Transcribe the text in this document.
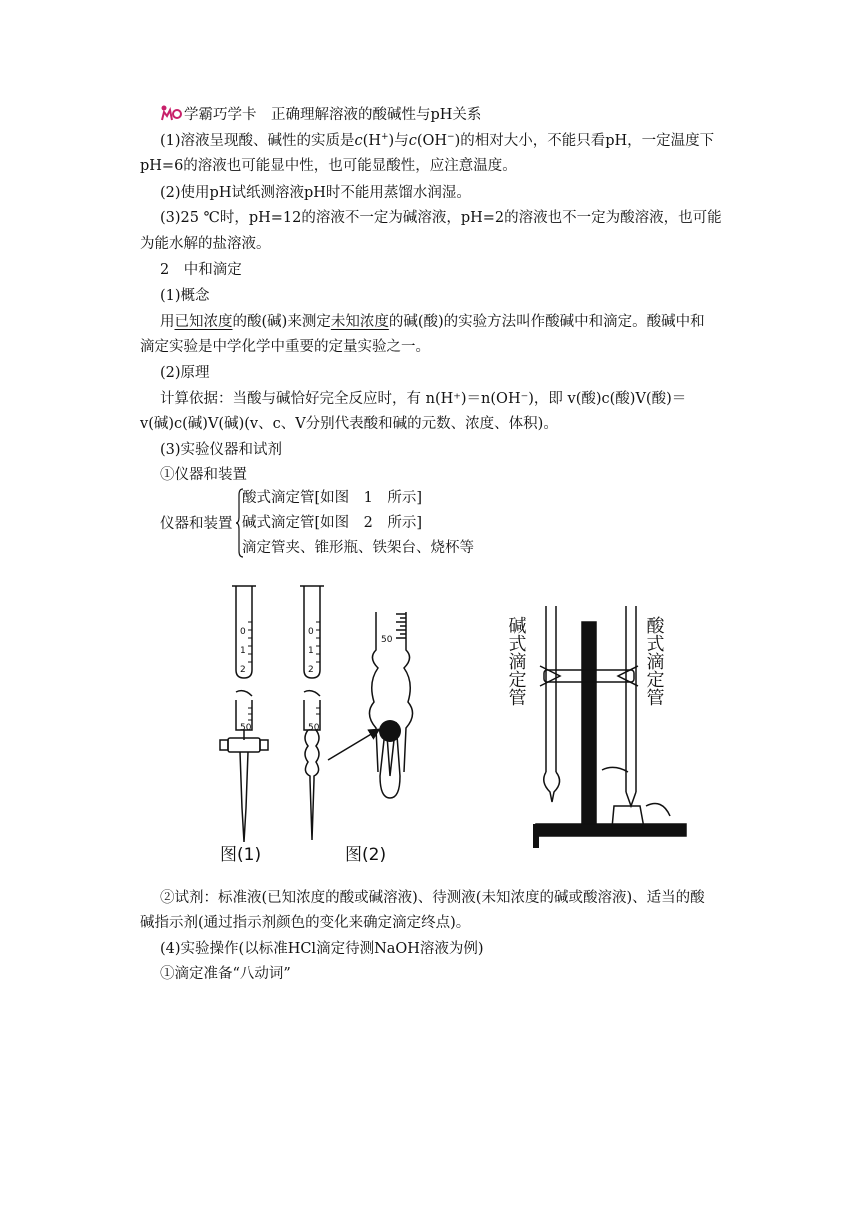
学霸巧学卡　 正确理解溶液的酸碱性与pH关系
(1)溶液呈现酸、碱性的实质是c(H+)与c(OH−)的相对大小，不能只看pH，一定温度下
pH=6的溶液也可能显中性，也可能显酸性，应注意温度。
(2)使用pH试纸测溶液pH时不能用蒸馏水润湿。
(3)25 ℃时，pH=12的溶液不一定为碱溶液，pH=2的溶液也不一定为酸溶液，也可能
为能水解的盐溶液。
2　中和滴定
(1)概念
用已知浓度的酸(碱)来测定未知浓度的碱(酸)的实验方法叫作酸碱中和滴定。酸碱中和
滴定实验是中学化学中重要的定量实验之一。
(2)原理
计算依据：当酸与碱恰好完全反应时，有 n(H⁺)＝n(OH⁻)，即 v(酸)c(酸)V(酸)＝
v(碱)c(碱)V(碱)(v、c、V分别代表酸和碱的元数、浓度、体积)。
(3)实验仪器和试剂
①仪器和装置
仪器和装置
酸式滴定管[如图　1　所示]
碱式滴定管[如图　2　所示]
滴定管夹、锥形瓶、铁架台、烧杯等
0
1
2
50
0
1
2
50
50
图(1)	图(2)
碱式滴定管	酸式滴定管
②试剂：标准液(已知浓度的酸或碱溶液)、待测液(未知浓度的碱或酸溶液)、适当的酸
碱指示剂(通过指示剂颜色的变化来确定滴定终点)。
(4)实验操作(以标准HCl滴定待测NaOH溶液为例)
①滴定准备“八动词”
